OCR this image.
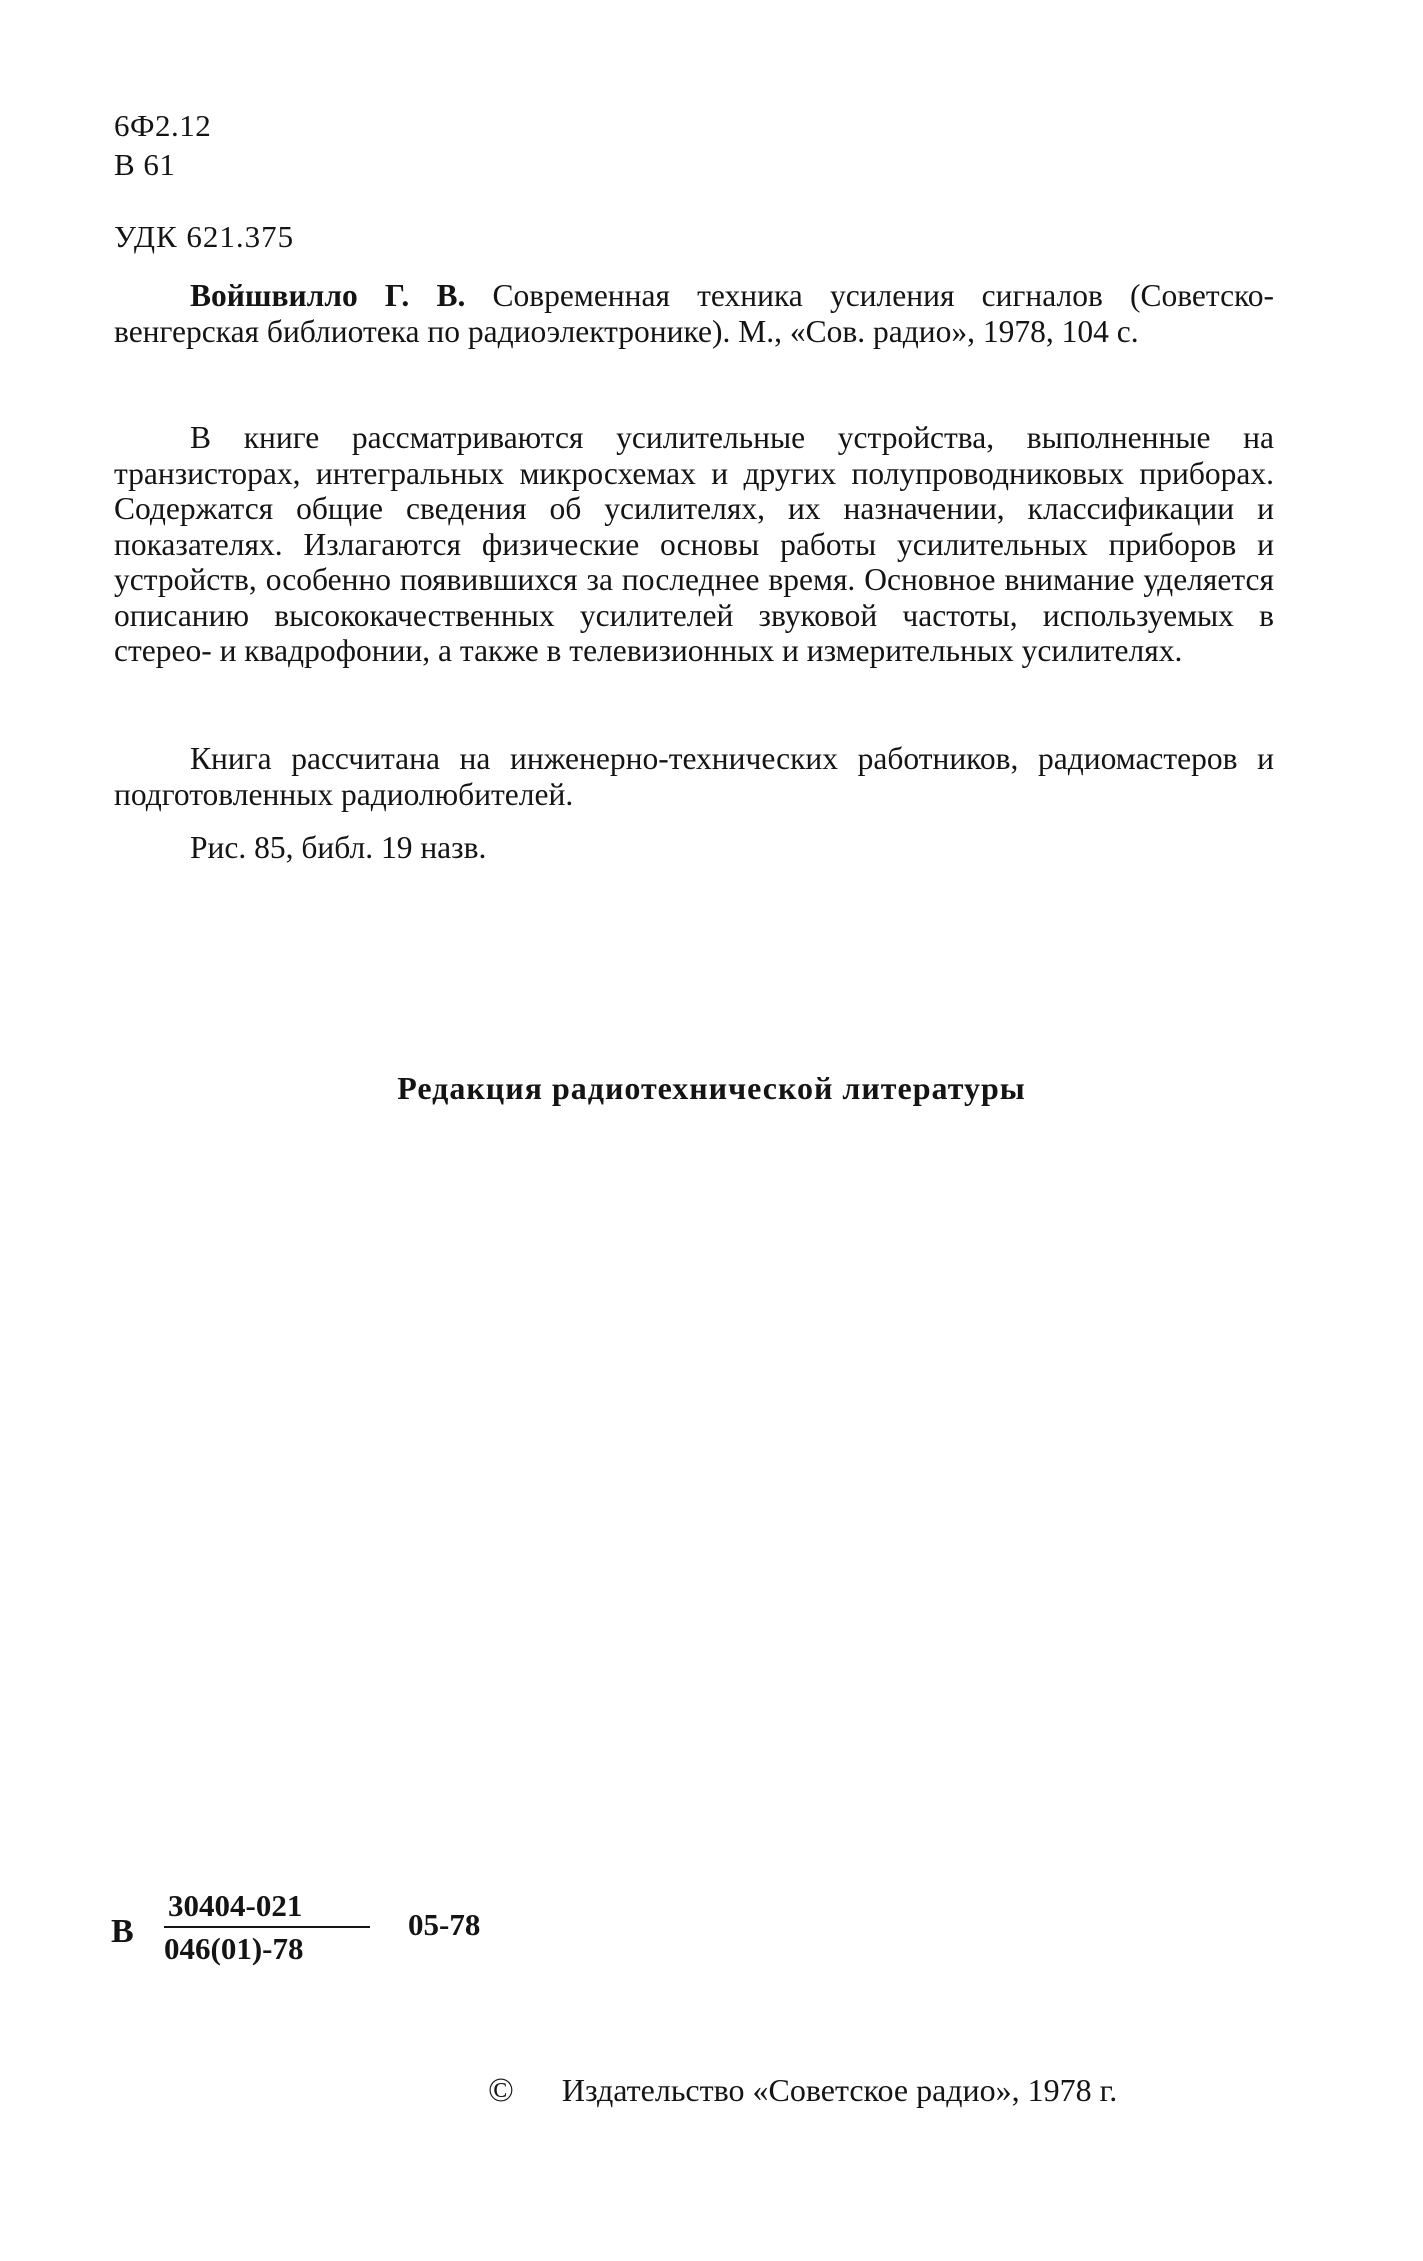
6Ф2.12
В 61
УДК 621.375

Войшвилло Г. В. Современная техника усиления сигналов (Советско-венгерская библиотека по радиоэлектронике). М., «Сов. радио», 1978, 104 с.

В книге рассматриваются усилительные устройства, выполненные на транзисторах, интегральных микросхемах и других полупроводниковых приборах. Содержатся общие сведения об усилителях, их назначении, классификации и показателях. Излагаются физические основы работы усилительных приборов и устройств, особенно появившихся за последнее время. Основное внимание уделяется описанию высококачественных усилителей звуковой частоты, используемых в стерео- и квадрофонии, а также в телевизионных и измерительных усилителях.

Книга рассчитана на инженерно-технических работников, радиомастеров и подготовленных радиолюбителей.

Рис. 85, библ. 19 назв.

Редакция радиотехнической литературы
В
30404-021
046(01)-78
05-78
© Издательство «Советское радио», 1978 г.
